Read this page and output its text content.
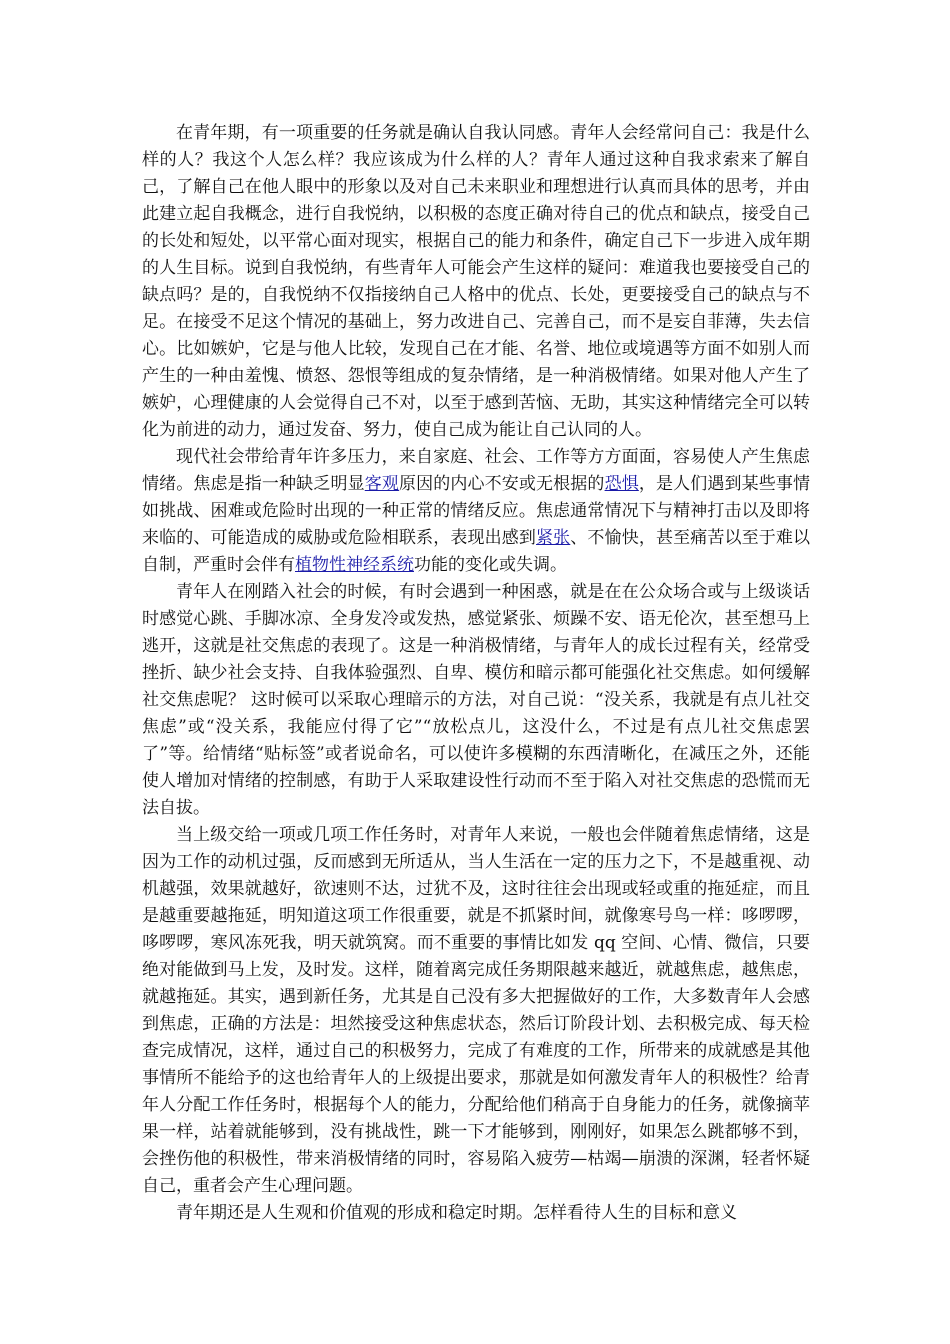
在青年期，有一项重要的任务就是确认自我认同感。青年人会经常问自己：我是什么样的人？我这个人怎么样？我应该成为什么样的人？青年人通过这种自我求索来了解自己，了解自己在他人眼中的形象以及对自己未来职业和理想进行认真而具体的思考，并由此建立起自我概念，进行自我悦纳，以积极的态度正确对待自己的优点和缺点，接受自己的长处和短处，以平常心面对现实，根据自己的能力和条件，确定自己下一步进入成年期的人生目标。说到自我悦纳，有些青年人可能会产生这样的疑问：难道我也要接受自己的缺点吗？是的，自我悦纳不仅指接纳自己人格中的优点、长处，更要接受自己的缺点与不足。在接受不足这个情况的基础上，努力改进自己、完善自己，而不是妄自菲薄，失去信心。比如嫉妒，它是与他人比较，发现自己在才能、名誉、地位或境遇等方面不如别人而产生的一种由羞愧、愤怒、怨恨等组成的复杂情绪，是一种消极情绪。如果对他人产生了嫉妒，心理健康的人会觉得自己不对，以至于感到苦恼、无助，其实这种情绪完全可以转化为前进的动力，通过发奋、努力，使自己成为能让自己认同的人。

现代社会带给青年许多压力，来自家庭、社会、工作等方方面面，容易使人产生焦虑情绪。焦虑是指一种缺乏明显客观原因的内心不安或无根据的恐惧，是人们遇到某些事情如挑战、困难或危险时出现的一种正常的情绪反应。焦虑通常情况下与精神打击以及即将来临的、可能造成的威胁或危险相联系，表现出感到紧张、不愉快，甚至痛苦以至于难以自制，严重时会伴有植物性神经系统功能的变化或失调。

青年人在刚踏入社会的时候，有时会遇到一种困惑，就是在在公众场合或与上级谈话时感觉心跳、手脚冰凉、全身发冷或发热，感觉紧张、烦躁不安、语无伦次，甚至想马上逃开，这就是社交焦虑的表现了。这是一种消极情绪，与青年人的成长过程有关，经常受挫折、缺少社会支持、自我体验强烈、自卑、模仿和暗示都可能强化社交焦虑。如何缓解社交焦虑呢？ 这时候可以采取心理暗示的方法，对自己说：“没关系，我就是有点儿社交焦虑”或“没关系，我能应付得了它”“放松点儿，这没什么，不过是有点儿社交焦虑罢了”等。给情绪“贴标签”或者说命名，可以使许多模糊的东西清晰化，在减压之外，还能使人增加对情绪的控制感，有助于人采取建设性行动而不至于陷入对社交焦虑的恐慌而无法自拔。

当上级交给一项或几项工作任务时，对青年人来说，一般也会伴随着焦虑情绪，这是因为工作的动机过强，反而感到无所适从，当人生活在一定的压力之下，不是越重视、动机越强，效果就越好，欲速则不达，过犹不及，这时往往会出现或轻或重的拖延症，而且是越重要越拖延，明知道这项工作很重要，就是不抓紧时间，就像寒号鸟一样：哆啰啰，哆啰啰，寒风冻死我，明天就筑窝。而不重要的事情比如发 qq 空间、心情、微信，只要绝对能做到马上发，及时发。这样，随着离完成任务期限越来越近，就越焦虑，越焦虑，就越拖延。其实，遇到新任务，尤其是自己没有多大把握做好的工作，大多数青年人会感到焦虑，正确的方法是：坦然接受这种焦虑状态，然后订阶段计划、去积极完成、每天检查完成情况，这样，通过自己的积极努力，完成了有难度的工作，所带来的成就感是其他事情所不能给予的这也给青年人的上级提出要求，那就是如何激发青年人的积极性？给青年人分配工作任务时，根据每个人的能力，分配给他们稍高于自身能力的任务，就像摘苹果一样，站着就能够到，没有挑战性，跳一下才能够到，刚刚好，如果怎么跳都够不到，会挫伤他的积极性，带来消极情绪的同时，容易陷入疲劳—枯竭—崩溃的深渊，轻者怀疑自己，重者会产生心理问题。

青年期还是人生观和价值观的形成和稳定时期。怎样看待人生的目标和意义
